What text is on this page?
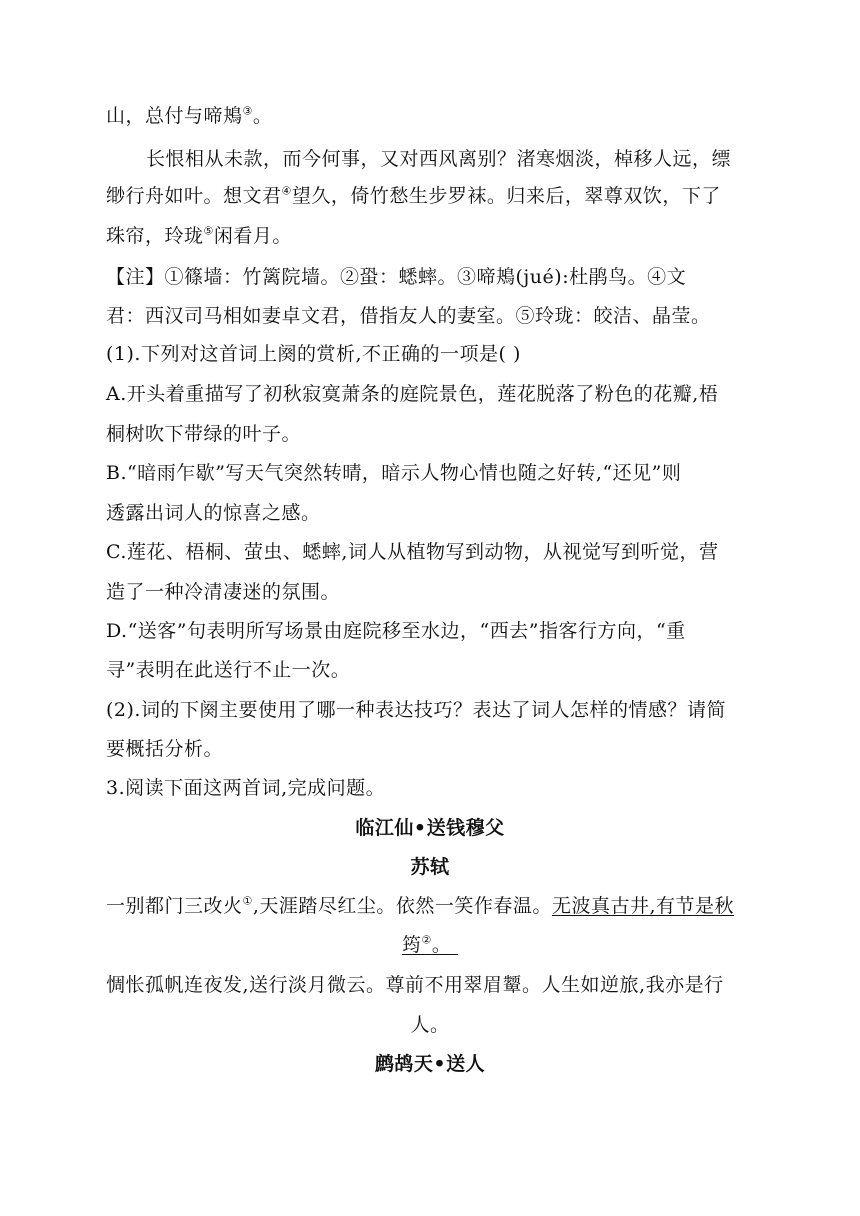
山，总付与啼鴂③。
长恨相从未款，而今何事，又对西风离别？渚寒烟淡，棹移人远，缥
缈行舟如叶。想文君④望久，倚竹愁生步罗袜。归来后，翠尊双饮，下了
珠帘，玲珑⑤闲看月。
【注】①篠墙：竹篱院墙。②蛩：蟋蟀。③啼鴂(jué):杜鹃鸟。④文
君：西汉司马相如妻卓文君，借指友人的妻室。⑤玲珑：皎洁、晶莹。
(1).下列对这首词上阕的赏析,不正确的一项是( )
A.开头着重描写了初秋寂寞萧条的庭院景色，莲花脱落了粉色的花瓣,梧
桐树吹下带绿的叶子。
B.“暗雨乍歇”写天气突然转晴，暗示人物心情也随之好转,“还见”则
透露出词人的惊喜之感。
C.莲花、梧桐、萤虫、蟋蟀,词人从植物写到动物，从视觉写到听觉，营
造了一种冷清凄迷的氛围。
D.“送客”句表明所写场景由庭院移至水边，“西去”指客行方向，“重
寻”表明在此送行不止一次。
(2).词的下阕主要使用了哪一种表达技巧？表达了词人怎样的情感？请简
要概括分析。
3.阅读下面这两首词,完成问题。
临江仙•送钱穆父
苏轼
一别都门三改火①,天涯踏尽红尘。依然一笑作春温。无波真古井,有节是秋
筠②。
惆怅孤帆连夜发,送行淡月微云。尊前不用翠眉颦。人生如逆旅,我亦是行
人。
鹧鸪天•送人
